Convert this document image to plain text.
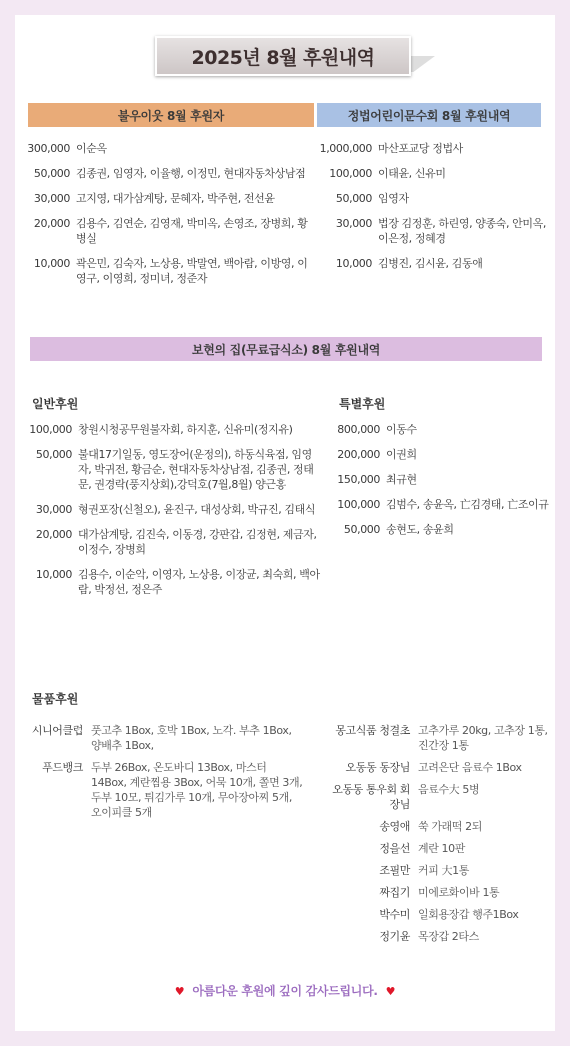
2025년 8월 후원내역
불우이웃 8월 후원자	정법어린이문수회 8월 후원내역
300,000 이순옥
50,000 김종권, 임영자, 이율행, 이정민, 현대자동차상남점
30,000 고지영, 대가삼계탕, 문혜자, 박주현, 전선윤
20,000 김용수, 김연순, 김영재, 박미옥, 손영조, 장병희, 황병실
10,000 곽은민, 김숙자, 노상용, 박말연, 백아람, 이방영, 이영구, 이영희, 정미녀, 정준자
1,000,000 마산포교당 정법사
100,000 이태윤, 신유미
50,000 임영자
30,000 법장 김정훈, 하린영, 양종숙, 안미옥, 이은정, 정혜경
10,000 김병진, 김시윤, 김동애
보현의 집(무료급식소) 8월 후원내역
일반후원	특별후원
100,000 창원시청공무원불자회, 하지훈, 신유미(정지유)
50,000 불대17기일동, 영도장어(운정의), 하동식육점, 임영자, 박귀전, 황금순, 현대자동차상남점, 김종권, 정태문, 권경락(풍지상회),강덕호(7월,8월) 양근홍
30,000 형권포장(신철오), 윤진구, 대성상회, 박규진, 김태식
20,000 대가삼계탕, 김진숙, 이동경, 강판갑, 김정현, 제금자, 이정수, 장병희
10,000 김용수, 이순악, 이영자, 노상용, 이장균, 최숙희, 백아람, 박정선, 정은주
800,000 이동수
200,000 이권희
150,000 최규현
100,000 김범수, 송윤옥, 亡김경태, 亡조이규
50,000 송현도, 송윤희
물품후원
시니어클럽 풋고추 1Box, 호박 1Box, 노각. 부추 1Box, 양배추 1Box,
푸드뱅크 두부 26Box, 온도바디 13Box, 마스터 14Box, 계란찜용 3Box, 어묵 10개, 쫄면 3개, 두부 10모, 튀김가루 10개, 무아장아찌 5개, 오이피클 5개
몽고식품 청결초 고추가루 20kg, 고추장 1통, 진간장 1통
오동동 동장님 고려은단 음료수 1Box
오동동 통우회 회장님
음료수大 5병
송영애 쑥 가래떡 2되
정을선 계란 10판
조필만 커피 大1통
짜집기 미에로화이바 1통
박수미 일회용장갑 행주1Box
정기윤 목장갑 2타스
♥ 아름다운 후원에 깊이 감사드립니다. ♥
